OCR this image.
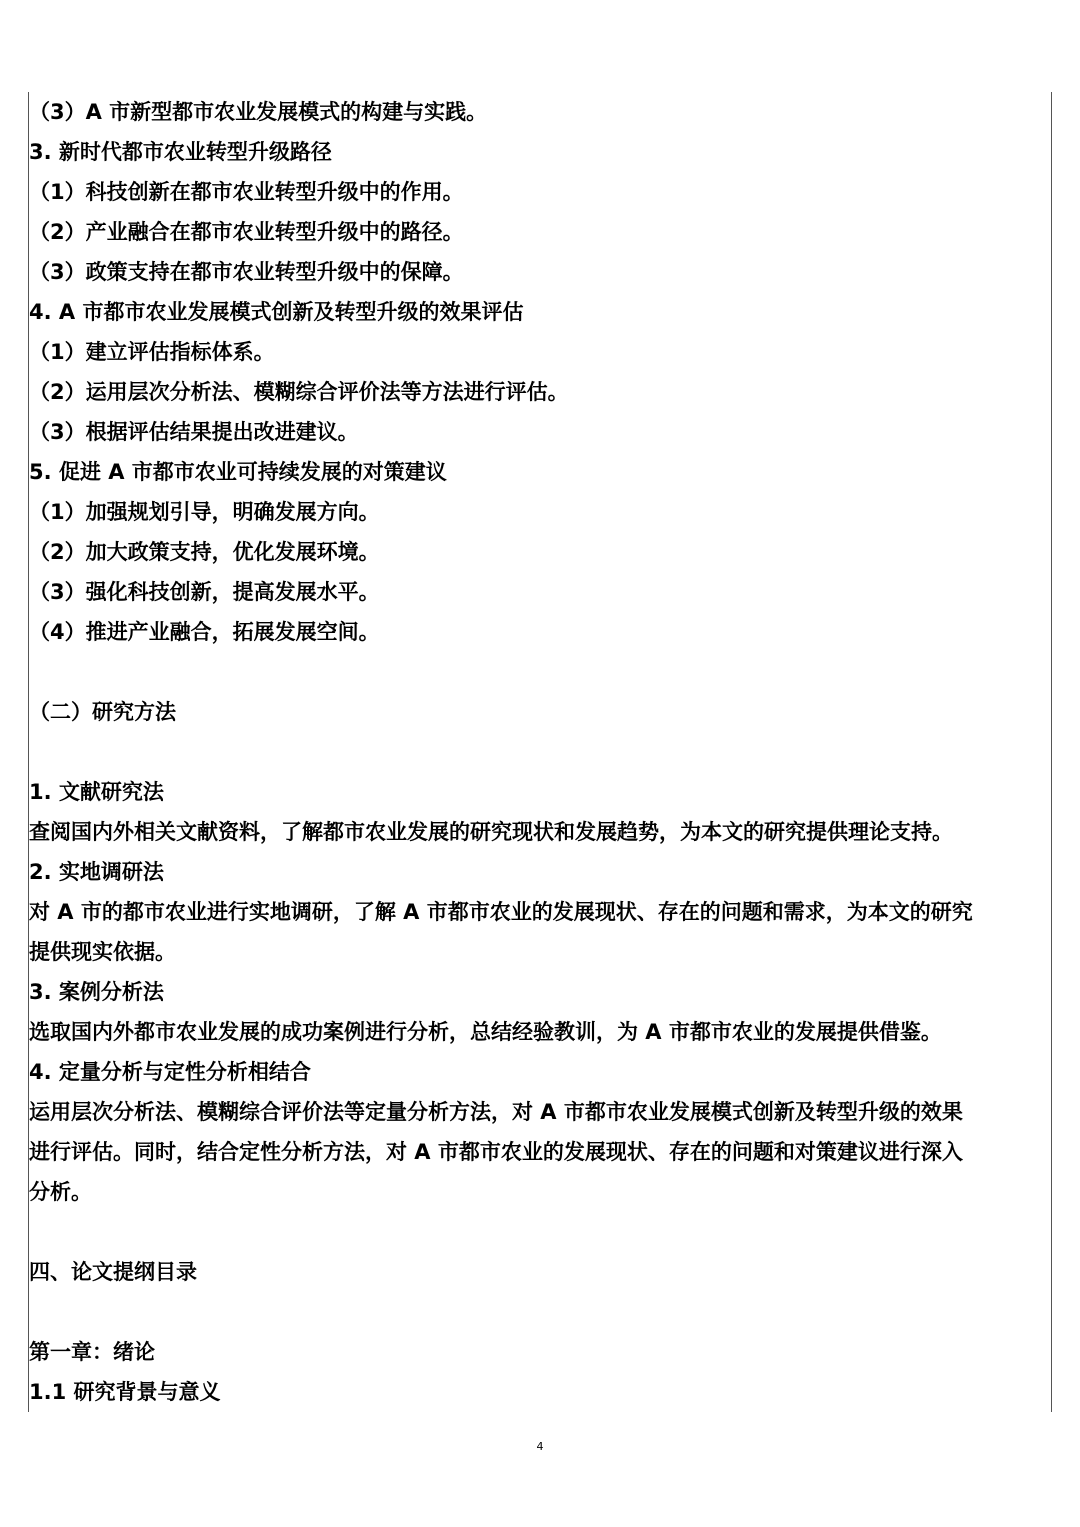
（3）A 市新型都市农业发展模式的构建与实践。
3. 新时代都市农业转型升级路径
（1）科技创新在都市农业转型升级中的作用。
（2）产业融合在都市农业转型升级中的路径。
（3）政策支持在都市农业转型升级中的保障。
4. A 市都市农业发展模式创新及转型升级的效果评估
（1）建立评估指标体系。
（2）运用层次分析法、模糊综合评价法等方法进行评估。
（3）根据评估结果提出改进建议。
5. 促进 A 市都市农业可持续发展的对策建议
（1）加强规划引导，明确发展方向。
（2）加大政策支持，优化发展环境。
（3）强化科技创新，提高发展水平。
（4）推进产业融合，拓展发展空间。
（二）研究方法
1. 文献研究法
查阅国内外相关文献资料，了解都市农业发展的研究现状和发展趋势，为本文的研究提供理论支持。
2. 实地调研法
对 A 市的都市农业进行实地调研，了解 A 市都市农业的发展现状、存在的问题和需求，为本文的研究
提供现实依据。
3. 案例分析法
选取国内外都市农业发展的成功案例进行分析，总结经验教训，为 A 市都市农业的发展提供借鉴。
4. 定量分析与定性分析相结合
运用层次分析法、模糊综合评价法等定量分析方法，对 A 市都市农业发展模式创新及转型升级的效果
进行评估。同时，结合定性分析方法，对 A 市都市农业的发展现状、存在的问题和对策建议进行深入
分析。
四、论文提纲目录
第一章：绪论
1.1 研究背景与意义
4
